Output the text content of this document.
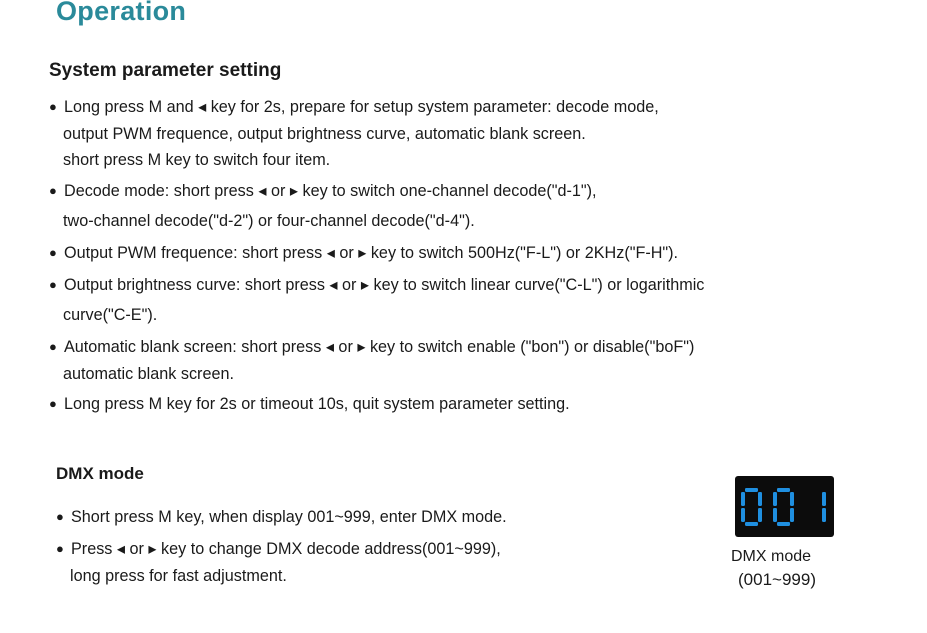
Operation
System parameter setting
● Long press M and ◂ key for 2s, prepare for setup system parameter: decode mode,
output PWM frequence, output brightness curve, automatic blank screen.
short press M key to switch four item.
● Decode mode: short press ◂ or ▸ key to switch one-channel decode("d-1"),
two-channel decode("d-2") or four-channel decode("d-4").
● Output PWM frequence: short press ◂ or ▸ key to switch 500Hz("F-L") or 2KHz("F-H").
● Output brightness curve: short press ◂ or ▸ key to switch linear curve("C-L") or logarithmic
curve("C-E").
● Automatic blank screen: short press ◂ or ▸ key to switch enable ("bon") or disable("boF")
automatic blank screen.
● Long press M key for 2s or timeout 10s, quit system parameter setting.
DMX mode
● Short press M key, when display 001~999, enter DMX mode.
● Press ◂ or ▸ key to change DMX decode address(001~999),
long press for fast adjustment.
DMX mode
(001~999)
